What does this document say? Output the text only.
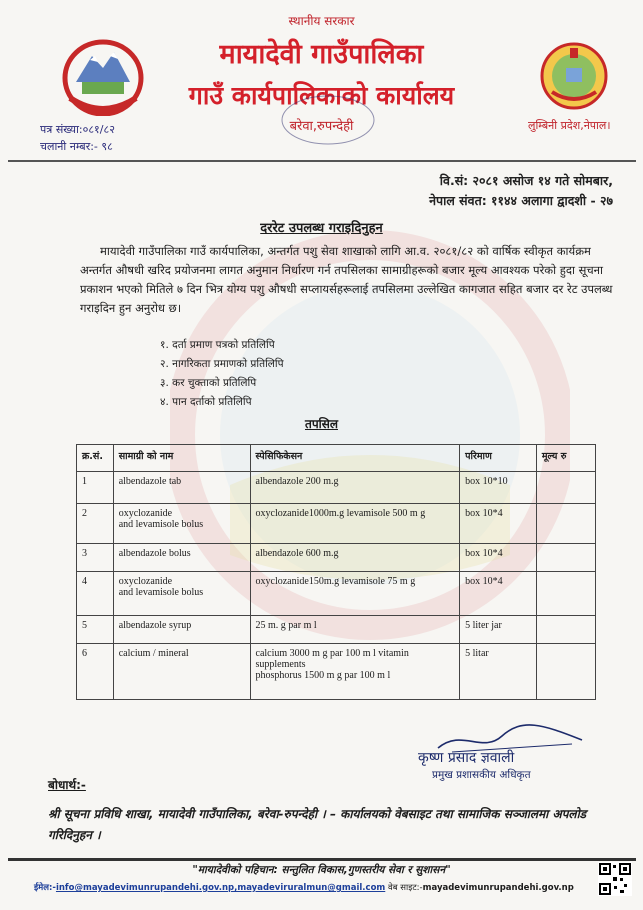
स्थानीय सरकार
मायादेवी गाउँपालिका
गाउँ कार्यपालिकाको कार्यालय
बरेवा,रुपन्देही
पत्र संख्या:०८१/८२
चलानी नम्बर:- ९८
लुम्बिनी प्रदेश,नेपाल।
वि.सं: २०८१ असोज १४ गते सोमबार,
नेपाल संवत: ११४४ अलागा द्वादशी - २७
दररेट उपलब्ध गराइदिनुहन
मायादेवी गाउँपालिका गाउँ कार्यपालिका, अन्तर्गत पशु सेवा शाखाको लागि आ.व. २०८१/८२ को वार्षिक स्वीकृत कार्यक्रम अन्तर्गत औषधी खरिद प्रयोजनमा लागत अनुमान निर्धारण गर्न तपसिलका सामाग्रीहरूको बजार मूल्य आवश्यक परेको हुदा सूचना प्रकाशन भएको मितिले ७ दिन भित्र योग्य पशु औषधी सप्लायर्सहरूलाई तपसिलमा उल्लेखित कागजात सहित बजार दर रेट उपलब्ध गराइदिन हुन अनुरोध छ।
१. दर्ता प्रमाण पत्रको प्रतिलिपि
२. नागरिकता प्रमाणको प्रतिलिपि
३. कर चुक्ताको प्रतिलिपि
४. पान दर्ताको प्रतिलिपि
तपसिल
क्र.सं.	सामाग्री को नाम	स्पेसिफिकेसन	परिमाण	मूल्य रु
1	albendazole tab	albendazole 200 m.g	box 10*10	
2	oxyclozanide
and levamisole bolus	oxyclozanide1000m.g levamisole 500 m g	box 10*4	
3	albendazole bolus	albendazole 600 m.g	box 10*4	
4	oxyclozanide
and levamisole bolus	oxyclozanide150m.g levamisole 75 m g	box 10*4	
5	albendazole syrup	25 m. g par m l	5 liter jar	
6	calcium / mineral	calcium 3000 m g par 100 m l vitamin supplements
phosphorus 1500 m g par 100 m l	5 litar	
कृष्ण प्रसाद ज्ञवाली
प्रमुख प्रशासकीय अधिकृत
बोधार्थ:-
श्री सूचना प्रविधि शाखा, मायादेवी गाउँपालिका, बरेवा-रुपन्देही । – कार्यालयको वेबसाइट तथा सामाजिक सञ्जालमा अपलोड गरिदिनुहन ।
"मायादेवीको पहिचान: सन्तुलित विकास,गुणस्तरीय सेवा र सुशासन"
ईमेल:-info@mayadevimunrupandehi.gov.np,mayadeviruralmun@gmail.com वेब साइट:-mayadevimunrupandehi.gov.np
